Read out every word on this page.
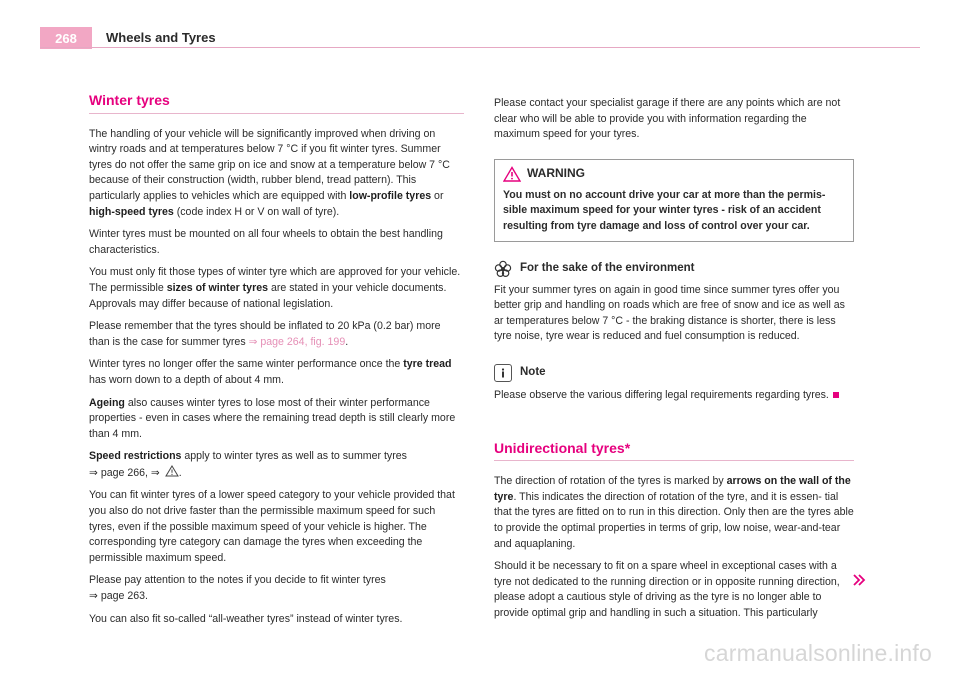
268	Wheels and Tyres
Winter tyres

The handling of your vehicle will be significantly improved when driving on wintry roads and at temperatures below 7 °C if you fit winter tyres. Summer tyres do not offer the same grip on ice and snow at a temperature below 7 °C because of their construction (width, rubber blend, tread pattern). This particularly applies to vehicles which are equipped with low-profile tyres or high-speed tyres (code index H or V on wall of tyre).

Winter tyres must be mounted on all four wheels to obtain the best handling characteristics.

You must only fit those types of winter tyre which are approved for your vehicle. The permissible sizes of winter tyres are stated in your vehicle documents. Approvals may differ because of national legislation.

Please remember that the tyres should be inflated to 20 kPa (0.2 bar) more than is the case for summer tyres ⇒ page 264, fig. 199.

Winter tyres no longer offer the same winter performance once the tyre tread has worn down to a depth of about 4 mm.

Ageing also causes winter tyres to lose most of their winter performance properties - even in cases where the remaining tread depth is still clearly more than 4 mm.

Speed restrictions apply to winter tyres as well as to summer tyres
⇒ page 266, ⇒ .

You can fit winter tyres of a lower speed category to your vehicle provided that you also do not drive faster than the permissible maximum speed for such tyres, even if the possible maximum speed of your vehicle is higher. The corresponding tyre category can damage the tyres when exceeding the permissible maximum speed.

Please pay attention to the notes if you decide to fit winter tyres
⇒ page 263.

You can also fit so-called “all-weather tyres” instead of winter tyres.

Please contact your specialist garage if there are any points which are not clear who will be able to provide you with information regarding the maximum speed for your tyres.

WARNING
You must on no account drive your car at more than the permis- sible maximum speed for your winter tyres - risk of an accident resulting from tyre damage and loss of control over your car.
For the sake of the environment

Fit your summer tyres on again in good time since summer tyres offer you better grip and handling on roads which are free of snow and ice as well as ar temperatures below 7 °C - the braking distance is shorter, there is less tyre noise, tyre wear is reduced and fuel consumption is reduced.

Note

Please observe the various differing legal requirements regarding tyres.

Unidirectional tyres*

The direction of rotation of the tyres is marked by arrows on the wall of the tyre. This indicates the direction of rotation of the tyre, and it is essen- tial that the tyres are fitted on to run in this direction. Only then are the tyres able to provide the optimal properties in terms of grip, low noise, wear-and-tear and aquaplaning.

Should it be necessary to fit on a spare wheel in exceptional cases with a tyre not dedicated to the running direction or in opposite running direction, please adopt a cautious style of driving as the tyre is no longer able to provide optimal grip and handling in such a situation. This particularly

carmanualsonline.info
